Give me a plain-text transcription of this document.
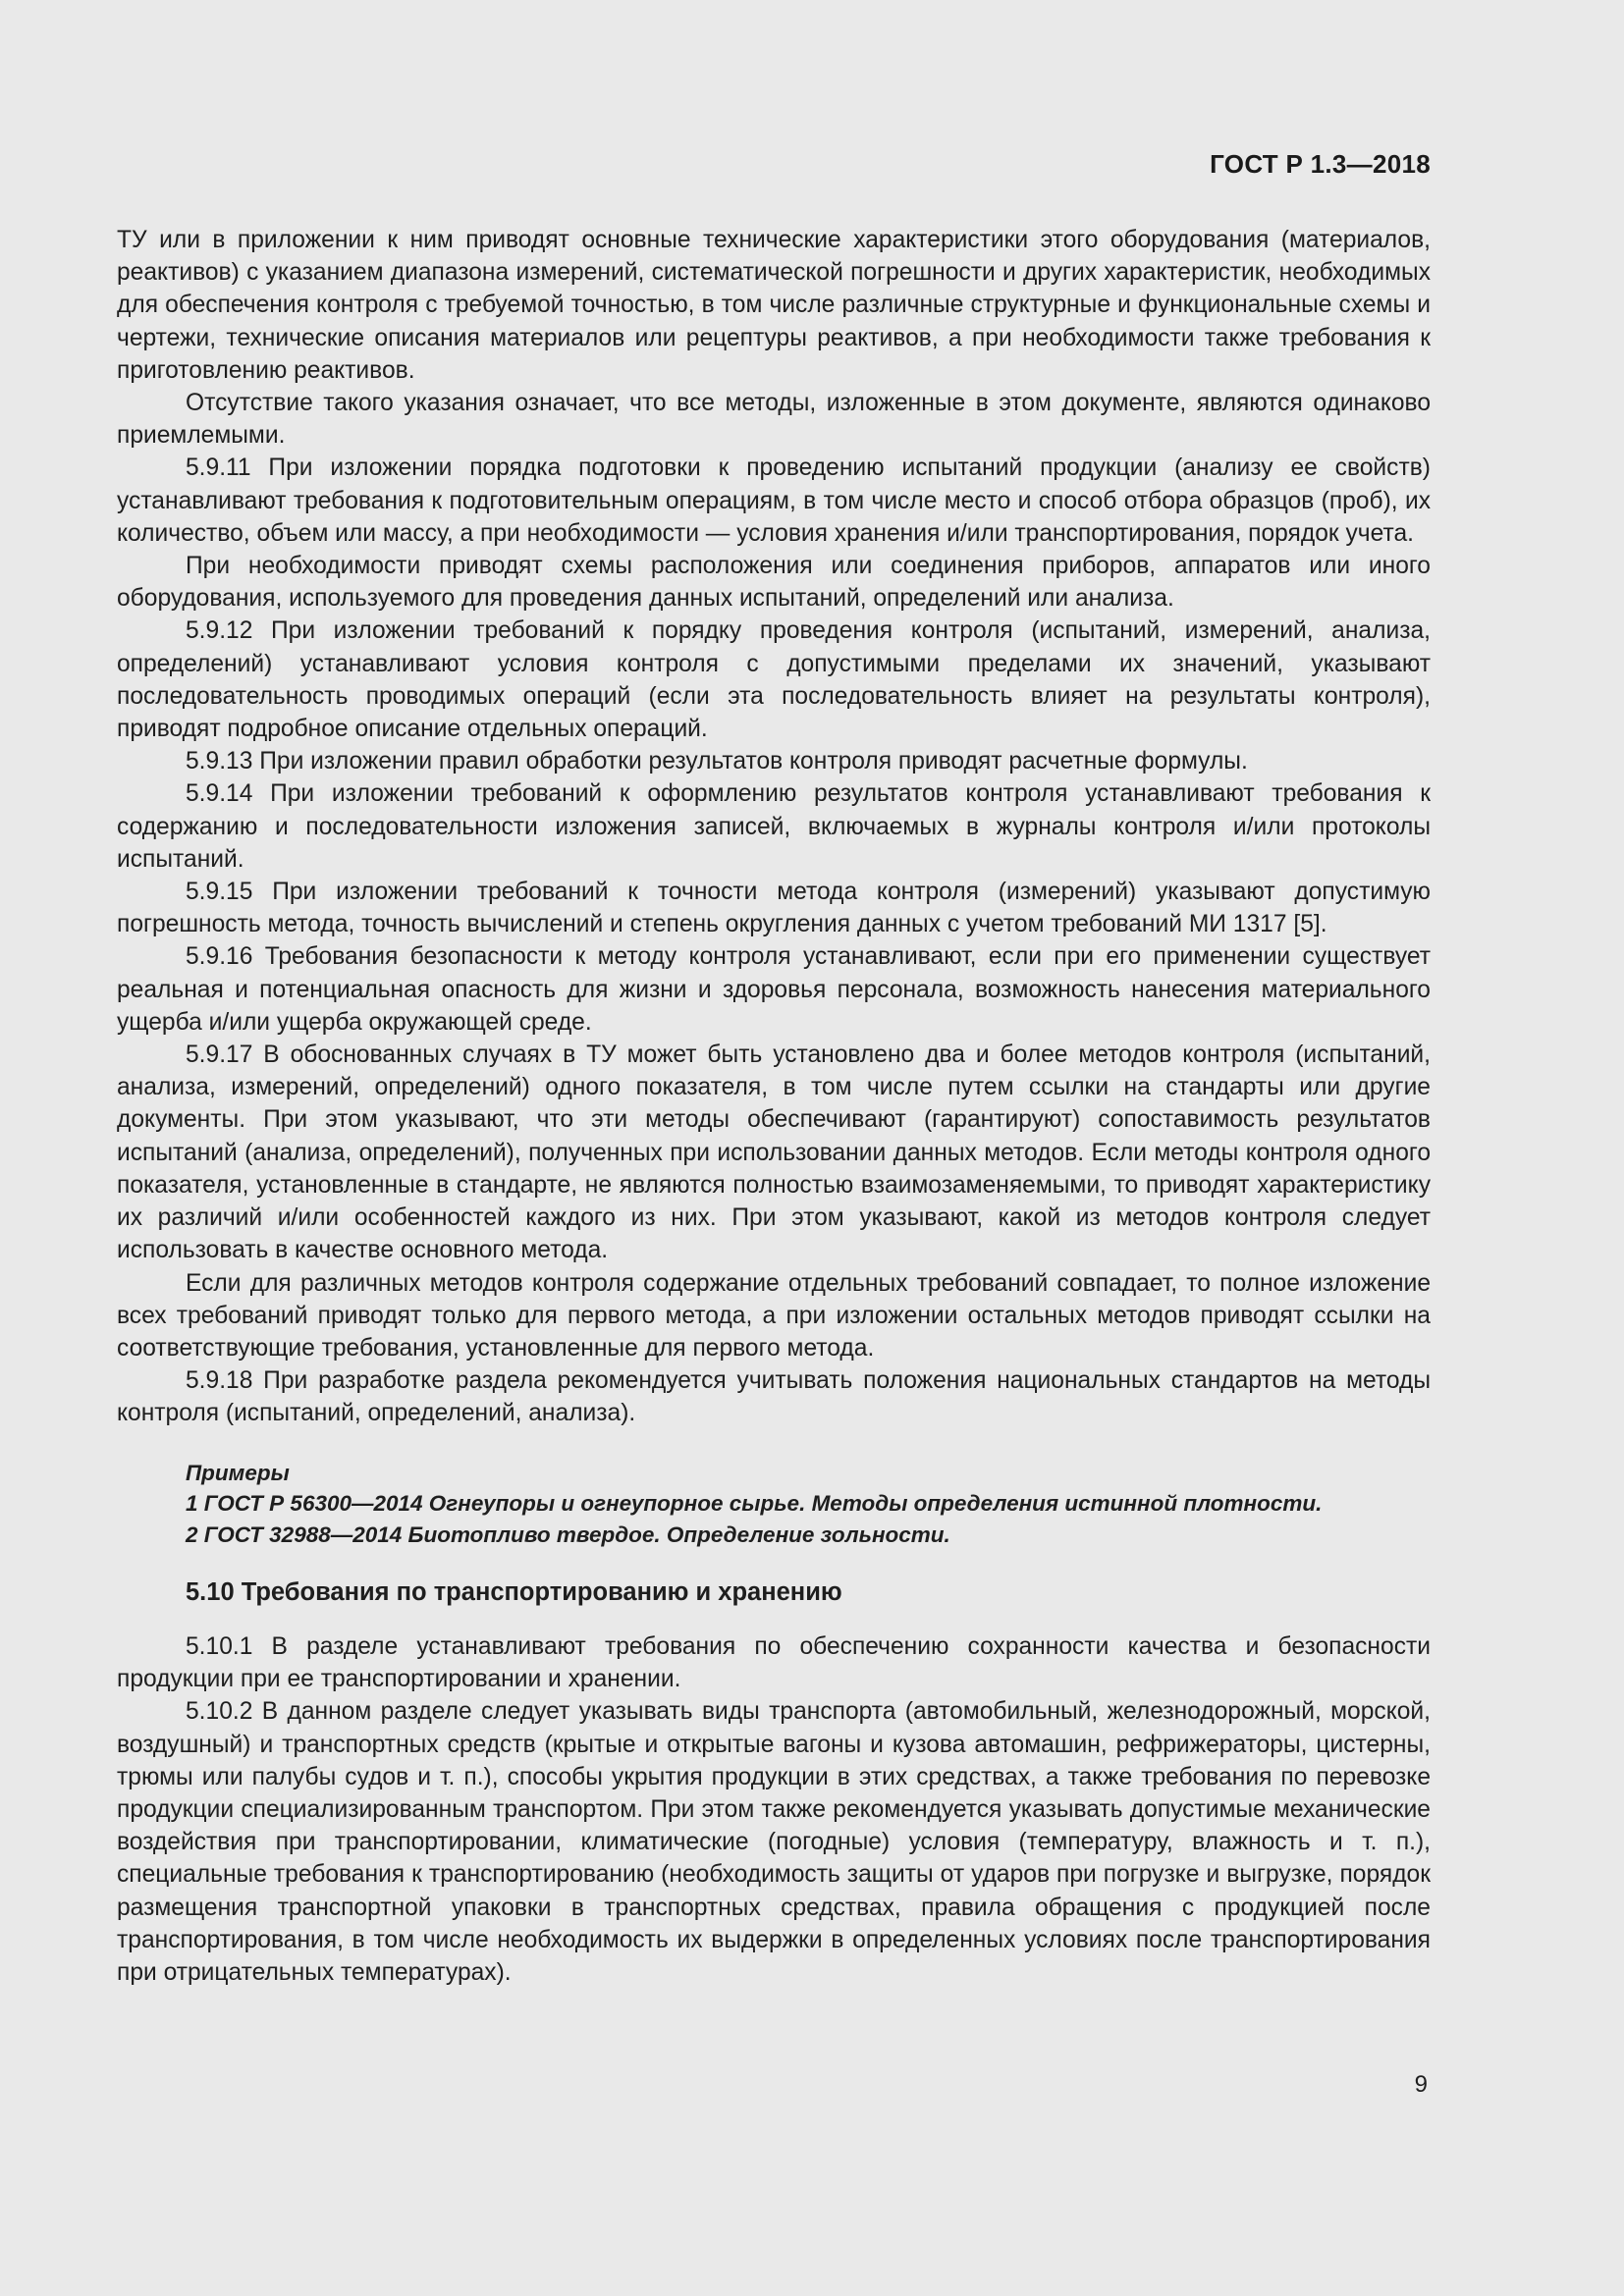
ГОСТ Р 1.3—2018

ТУ или в приложении к ним приводят основные технические характеристики этого оборудования (материалов, реактивов) с указанием диапазона измерений, систематической погрешности и других характеристик, необходимых для обеспечения контроля с требуемой точностью, в том числе различные структурные и функциональные схемы и чертежи, технические описания материалов или рецептуры реактивов, а при необходимости также требования к приготовлению реактивов.

Отсутствие такого указания означает, что все методы, изложенные в этом документе, являются одинаково приемлемыми.

5.9.11 При изложении порядка подготовки к проведению испытаний продукции (анализу ее свойств) устанавливают требования к подготовительным операциям, в том числе место и способ отбора образцов (проб), их количество, объем или массу, а при необходимости — условия хранения и/или транспортирования, порядок учета.

При необходимости приводят схемы расположения или соединения приборов, аппаратов или иного оборудования, используемого для проведения данных испытаний, определений или анализа.

5.9.12 При изложении требований к порядку проведения контроля (испытаний, измерений, анализа, определений) устанавливают условия контроля с допустимыми пределами их значений, указывают последовательность проводимых операций (если эта последовательность влияет на результаты контроля), приводят подробное описание отдельных операций.

5.9.13 При изложении правил обработки результатов контроля приводят расчетные формулы.

5.9.14 При изложении требований к оформлению результатов контроля устанавливают требования к содержанию и последовательности изложения записей, включаемых в журналы контроля и/или протоколы испытаний.

5.9.15 При изложении требований к точности метода контроля (измерений) указывают допустимую погрешность метода, точность вычислений и степень округления данных с учетом требований МИ 1317 [5].

5.9.16 Требования безопасности к методу контроля устанавливают, если при его применении существует реальная и потенциальная опасность для жизни и здоровья персонала, возможность нанесения материального ущерба и/или ущерба окружающей среде.

5.9.17 В обоснованных случаях в ТУ может быть установлено два и более методов контроля (испытаний, анализа, измерений, определений) одного показателя, в том числе путем ссылки на стандарты или другие документы. При этом указывают, что эти методы обеспечивают (гарантируют) сопоставимость результатов испытаний (анализа, определений), полученных при использовании данных методов. Если методы контроля одного показателя, установленные в стандарте, не являются полностью взаимозаменяемыми, то приводят характеристику их различий и/или особенностей каждого из них. При этом указывают, какой из методов контроля следует использовать в качестве основного метода.

Если для различных методов контроля содержание отдельных требований совпадает, то полное изложение всех требований приводят только для первого метода, а при изложении остальных методов приводят ссылки на соответствующие требования, установленные для первого метода.

5.9.18 При разработке раздела рекомендуется учитывать положения национальных стандартов на методы контроля (испытаний, определений, анализа).

Примеры
1 ГОСТ Р 56300—2014 Огнеупоры и огнеупорное сырье. Методы определения истинной плотности.
2 ГОСТ 32988—2014 Биотопливо твердое. Определение зольности.
5.10 Требования по транспортированию и хранению

5.10.1 В разделе устанавливают требования по обеспечению сохранности качества и безопасности продукции при ее транспортировании и хранении.

5.10.2 В данном разделе следует указывать виды транспорта (автомобильный, железнодорожный, морской, воздушный) и транспортных средств (крытые и открытые вагоны и кузова автомашин, рефрижераторы, цистерны, трюмы или палубы судов и т. п.), способы укрытия продукции в этих средствах, а также требования по перевозке продукции специализированным транспортом. При этом также рекомендуется указывать допустимые механические воздействия при транспортировании, климатические (погодные) условия (температуру, влажность и т. п.), специальные требования к транспортированию (необходимость защиты от ударов при погрузке и выгрузке, порядок размещения транспортной упаковки в транспортных средствах, правила обращения с продукцией после транспортирования, в том числе необходимость их выдержки в определенных условиях после транспортирования при отрицательных температурах).

9
